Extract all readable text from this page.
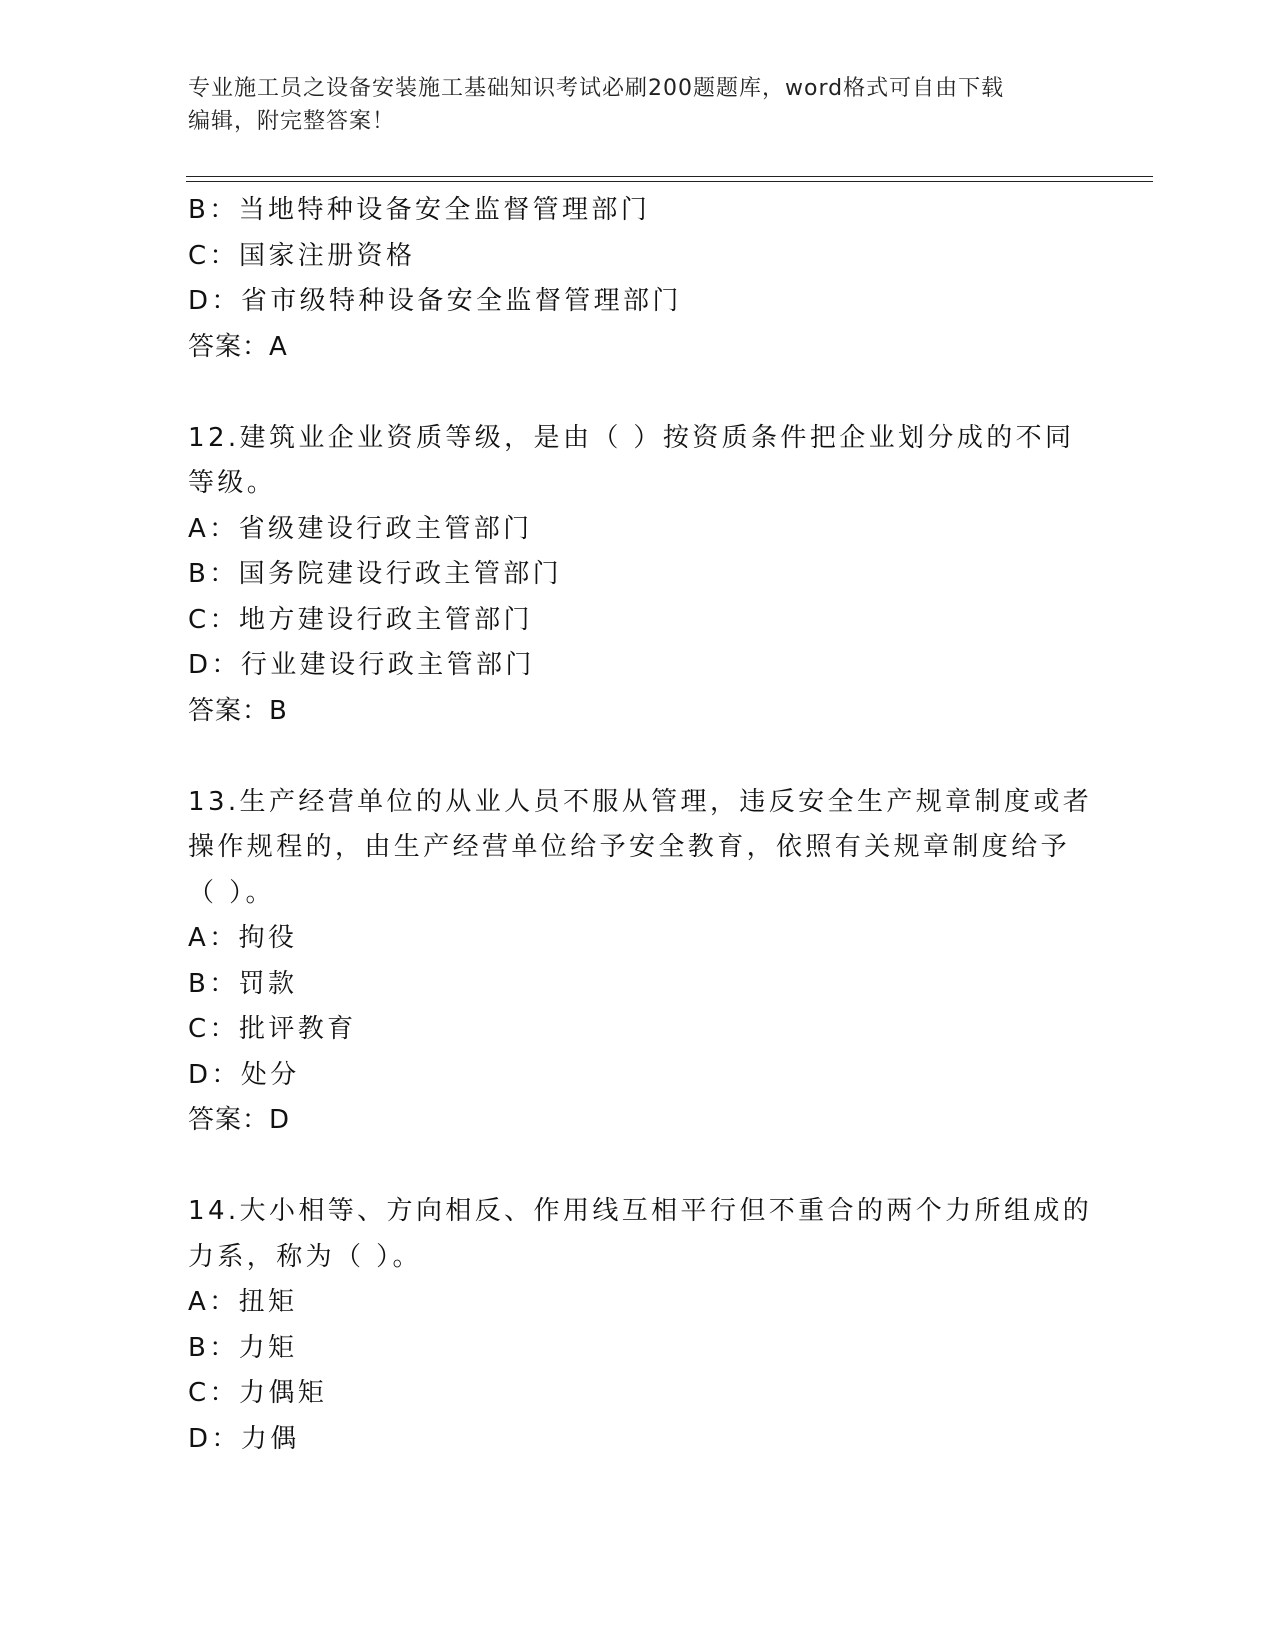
专业施工员之设备安装施工基础知识考试必刷200题题库，word格式可自由下载
编辑，附完整答案！
B：当地特种设备安全监督管理部门
C：国家注册资格
D：省市级特种设备安全监督管理部门
答案：A
12.建筑业企业资质等级，是由（ ）按资质条件把企业划分成的不同
等级。
A：省级建设行政主管部门
B：国务院建设行政主管部门
C：地方建设行政主管部门
D：行业建设行政主管部门
答案：B
13.生产经营单位的从业人员不服从管理，违反安全生产规章制度或者
操作规程的，由生产经营单位给予安全教育，依照有关规章制度给予
（ ）。
A：拘役
B：罚款
C：批评教育
D：处分
答案：D
14.大小相等、方向相反、作用线互相平行但不重合的两个力所组成的
力系，称为（ ）。
A：扭矩
B：力矩
C：力偶矩
D：力偶
